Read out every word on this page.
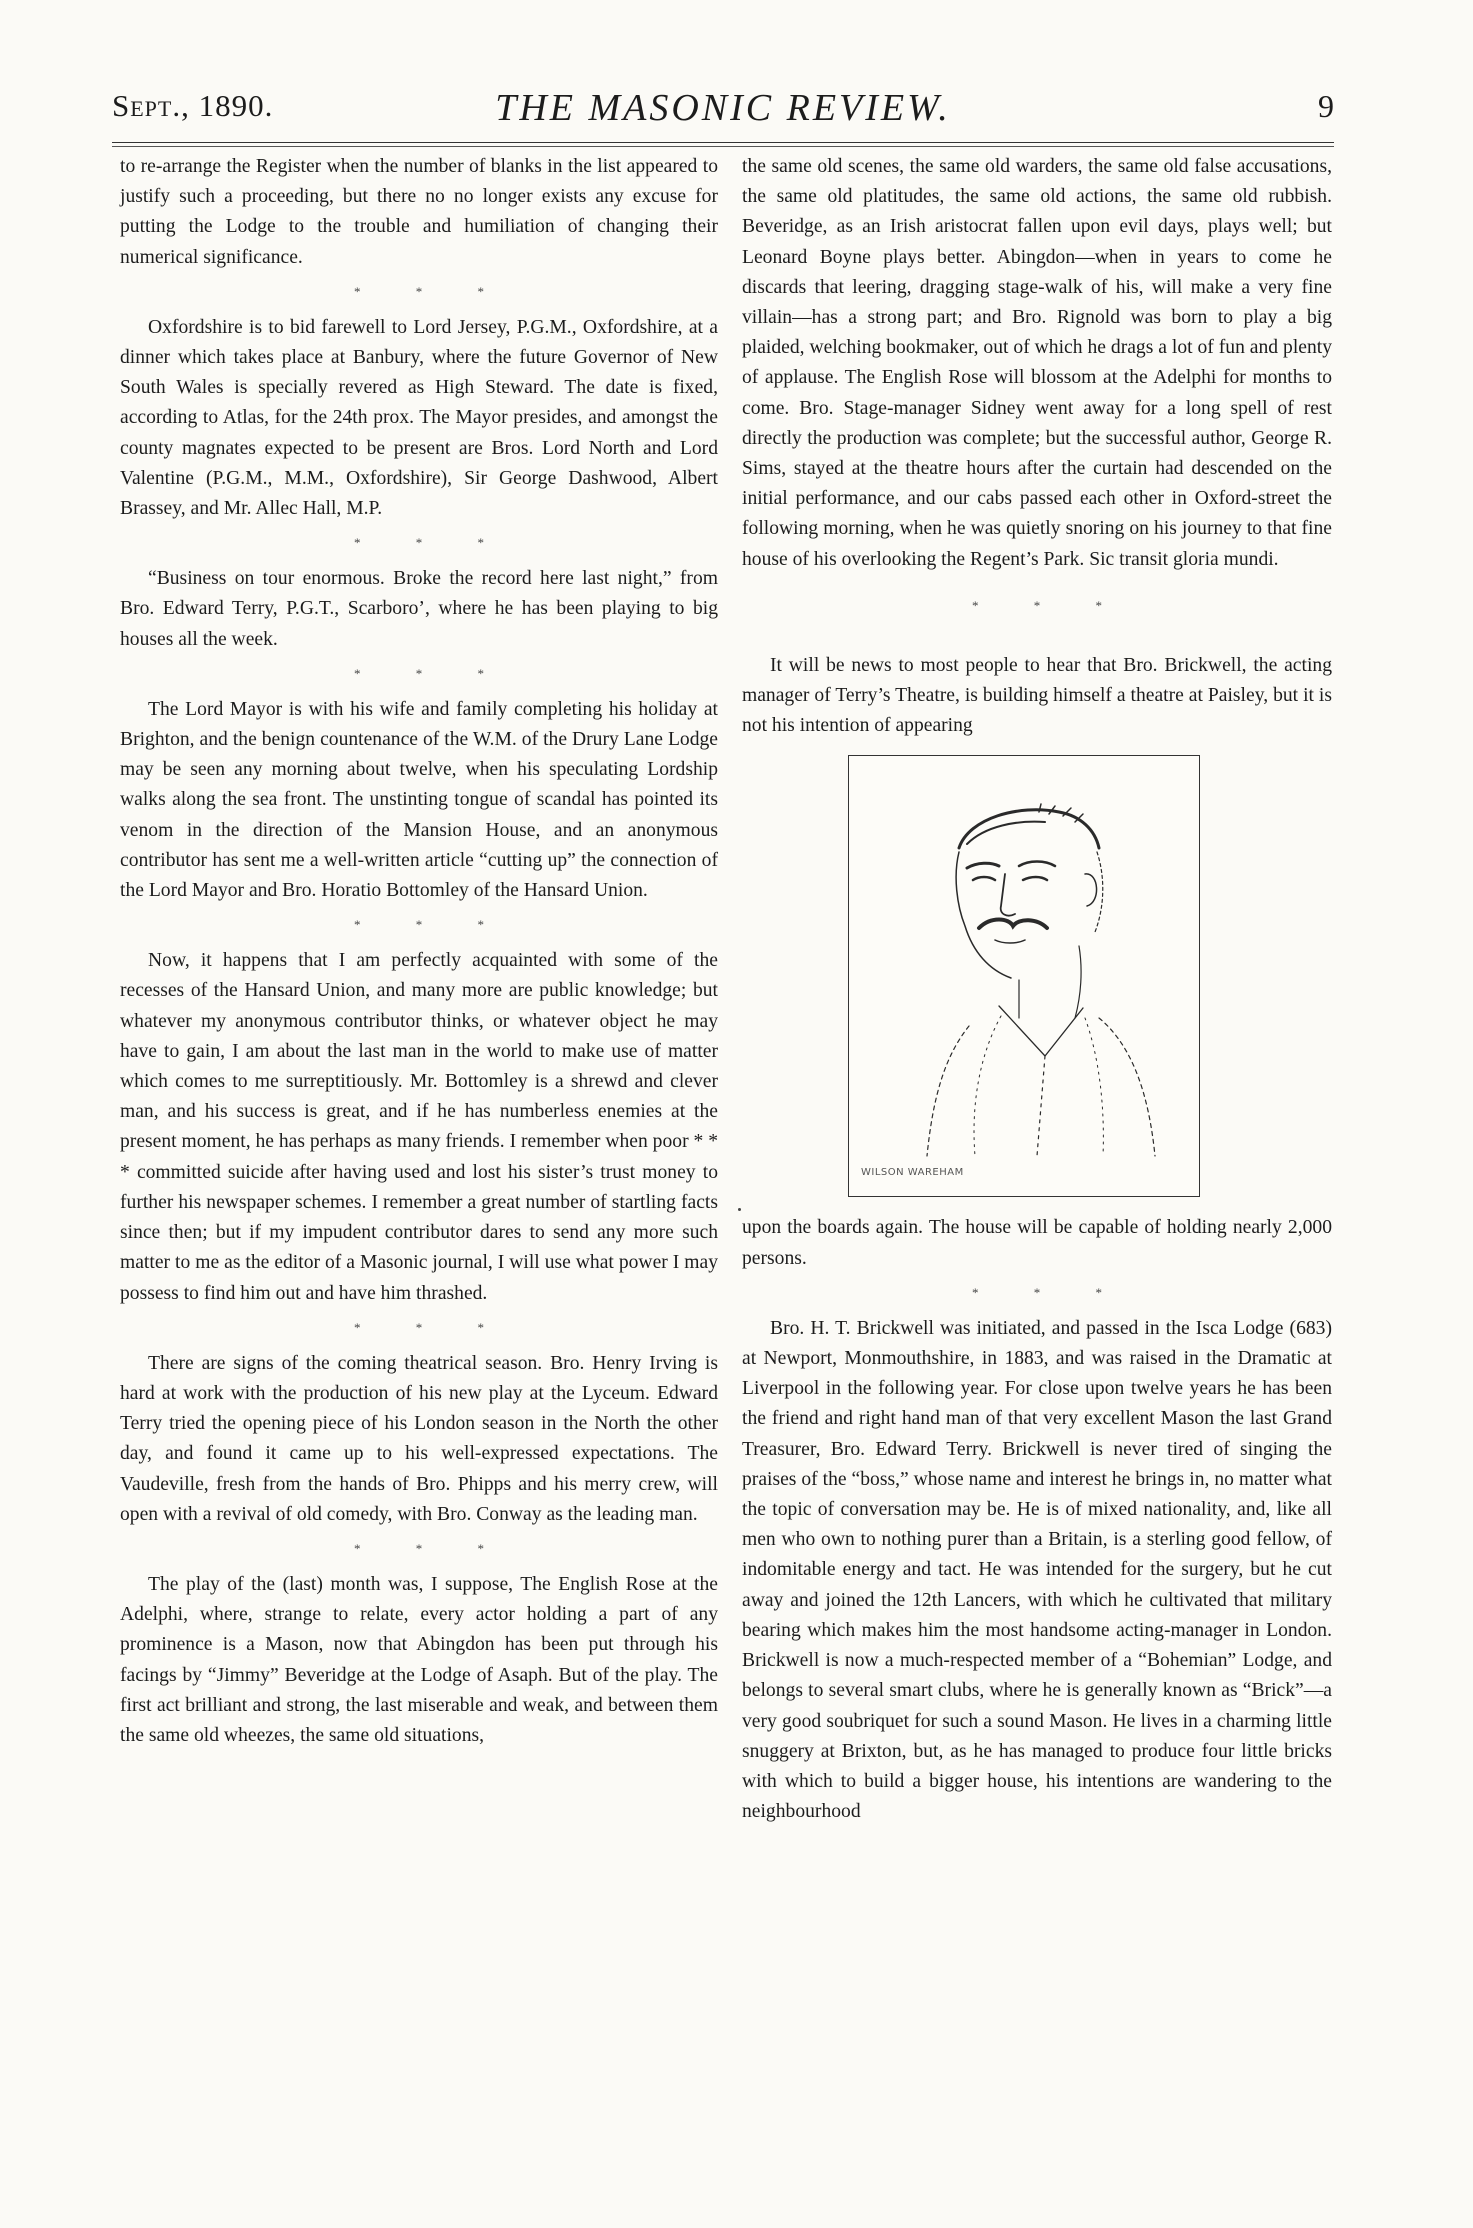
Sept., 1890.	THE MASONIC REVIEW.	9

to re-arrange the Register when the number of blanks in the list appeared to justify such a proceeding, but there no no longer exists any excuse for putting the Lodge to the trouble and humiliation of changing their numerical significance.

* * *

Oxfordshire is to bid farewell to Lord Jersey, P.G.M., Oxfordshire, at a dinner which takes place at Banbury, where the future Governor of New South Wales is specially revered as High Steward. The date is fixed, according to Atlas, for the 24th prox. The Mayor presides, and amongst the county magnates expected to be present are Bros. Lord North and Lord Valentine (P.G.M., M.M., Oxfordshire), Sir George Dashwood, Albert Brassey, and Mr. Allec Hall, M.P.

* * *

“Business on tour enormous. Broke the record here last night,” from Bro. Edward Terry, P.G.T., Scarboro’, where he has been playing to big houses all the week.

* * *

The Lord Mayor is with his wife and family completing his holiday at Brighton, and the benign countenance of the W.M. of the Drury Lane Lodge may be seen any morning about twelve, when his speculating Lordship walks along the sea front. The unstinting tongue of scandal has pointed its venom in the direction of the Mansion House, and an anonymous contributor has sent me a well-written article “cutting up” the connection of the Lord Mayor and Bro. Horatio Bottomley of the Hansard Union.

* * *

Now, it happens that I am perfectly acquainted with some of the recesses of the Hansard Union, and many more are public knowledge; but whatever my anonymous contributor thinks, or whatever object he may have to gain, I am about the last man in the world to make use of matter which comes to me surreptitiously. Mr. Bottomley is a shrewd and clever man, and his success is great, and if he has numberless enemies at the present moment, he has perhaps as many friends. I remember when poor * * * committed suicide after having used and lost his sister’s trust money to further his newspaper schemes. I remember a great number of startling facts since then; but if my impudent contributor dares to send any more such matter to me as the editor of a Masonic journal, I will use what power I may possess to find him out and have him thrashed.

* * *

There are signs of the coming theatrical season. Bro. Henry Irving is hard at work with the production of his new play at the Lyceum. Edward Terry tried the opening piece of his London season in the North the other day, and found it came up to his well-expressed expectations. The Vaudeville, fresh from the hands of Bro. Phipps and his merry crew, will open with a revival of old comedy, with Bro. Conway as the leading man.

* * *

The play of the (last) month was, I suppose, The English Rose at the Adelphi, where, strange to relate, every actor holding a part of any prominence is a Mason, now that Abingdon has been put through his facings by “Jimmy” Beveridge at the Lodge of Asaph. But of the play. The first act brilliant and strong, the last miserable and weak, and between them the same old wheezes, the same old situations,

the same old scenes, the same old warders, the same old false accusations, the same old platitudes, the same old actions, the same old rubbish. Beveridge, as an Irish aristocrat fallen upon evil days, plays well; but Leonard Boyne plays better. Abingdon—when in years to come he discards that leering, dragging stage-walk of his, will make a very fine villain—has a strong part; and Bro. Rignold was born to play a big plaided, welching bookmaker, out of which he drags a lot of fun and plenty of applause. The English Rose will blossom at the Adelphi for months to come. Bro. Stage-manager Sidney went away for a long spell of rest directly the production was complete; but the successful author, George R. Sims, stayed at the theatre hours after the curtain had descended on the initial performance, and our cabs passed each other in Oxford-street the following morning, when he was quietly snoring on his journey to that fine house of his overlooking the Regent’s Park. Sic transit gloria mundi.

* * *

It will be news to most people to hear that Bro. Brickwell, the acting manager of Terry’s Theatre, is building himself a theatre at Paisley, but it is not his intention of appearing

WILSON WAREHAM

upon the boards again. The house will be capable of holding nearly 2,000 persons.

* * *

Bro. H. T. Brickwell was initiated, and passed in the Isca Lodge (683) at Newport, Monmouthshire, in 1883, and was raised in the Dramatic at Liverpool in the following year. For close upon twelve years he has been the friend and right hand man of that very excellent Mason the last Grand Treasurer, Bro. Edward Terry. Brickwell is never tired of singing the praises of the “boss,” whose name and interest he brings in, no matter what the topic of conversation may be. He is of mixed nationality, and, like all men who own to nothing purer than a Britain, is a sterling good fellow, of indomitable energy and tact. He was intended for the surgery, but he cut away and joined the 12th Lancers, with which he cultivated that military bearing which makes him the most handsome acting-manager in London. Brickwell is now a much-respected member of a “Bohemian” Lodge, and belongs to several smart clubs, where he is generally known as “Brick”—a very good soubriquet for such a sound Mason. He lives in a charming little snuggery at Brixton, but, as he has managed to produce four little bricks with which to build a bigger house, his intentions are wandering to the neighbourhood
